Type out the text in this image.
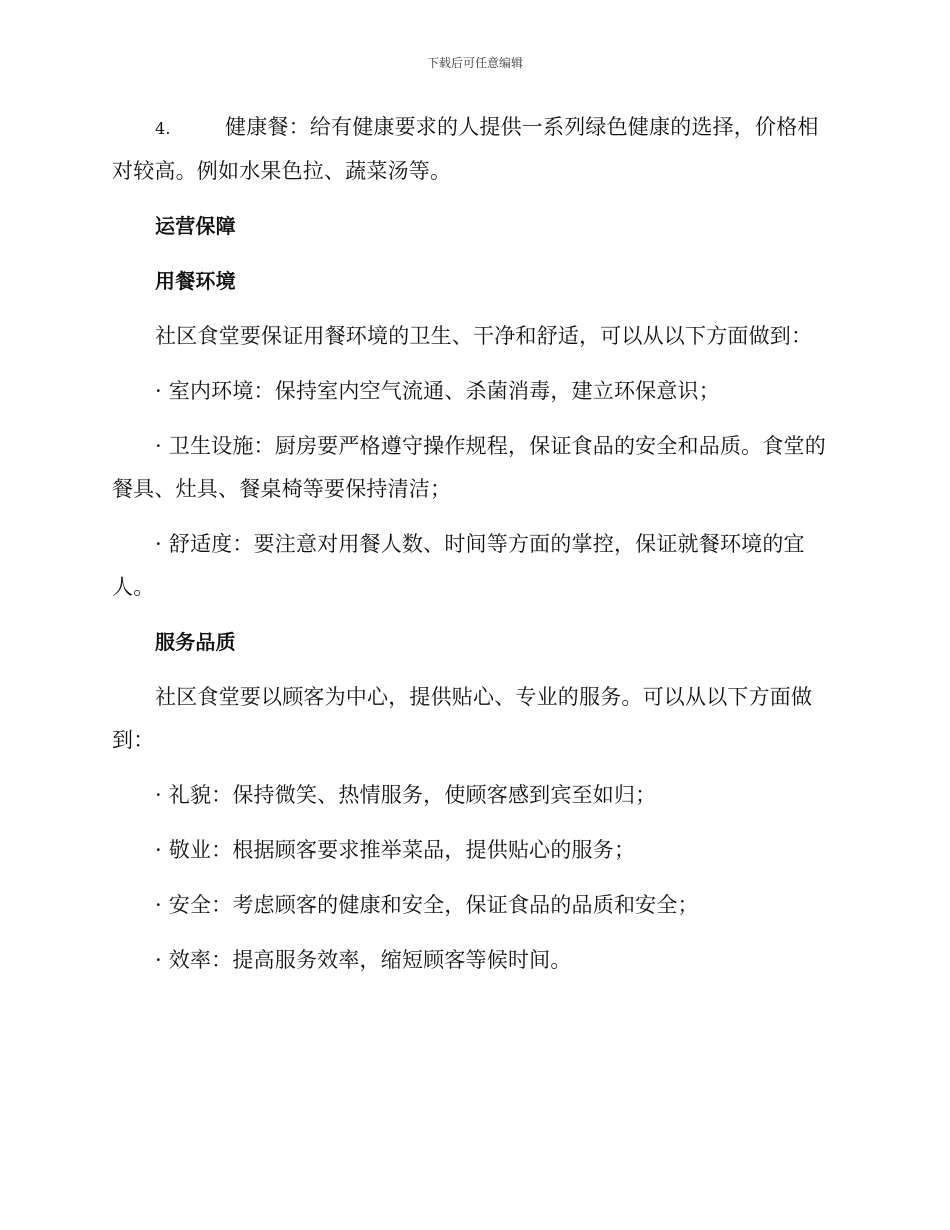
下载后可任意编辑

4.	健康餐：给有健康要求的人提供一系列绿色健康的选择，价格相对较高。例如水果色拉、蔬菜汤等。

运营保障

用餐环境

社区食堂要保证用餐环境的卫生、干净和舒适，可以从以下方面做到：

· 室内环境：保持室内空气流通、杀菌消毒，建立环保意识；

· 卫生设施：厨房要严格遵守操作规程，保证食品的安全和品质。食堂的餐具、灶具、餐桌椅等要保持清洁；

· 舒适度：要注意对用餐人数、时间等方面的掌控，保证就餐环境的宜人。

服务品质

社区食堂要以顾客为中心，提供贴心、专业的服务。可以从以下方面做到：

· 礼貌：保持微笑、热情服务，使顾客感到宾至如归；

· 敬业：根据顾客要求推举菜品，提供贴心的服务；

· 安全：考虑顾客的健康和安全，保证食品的品质和安全；

· 效率：提高服务效率，缩短顾客等候时间。
